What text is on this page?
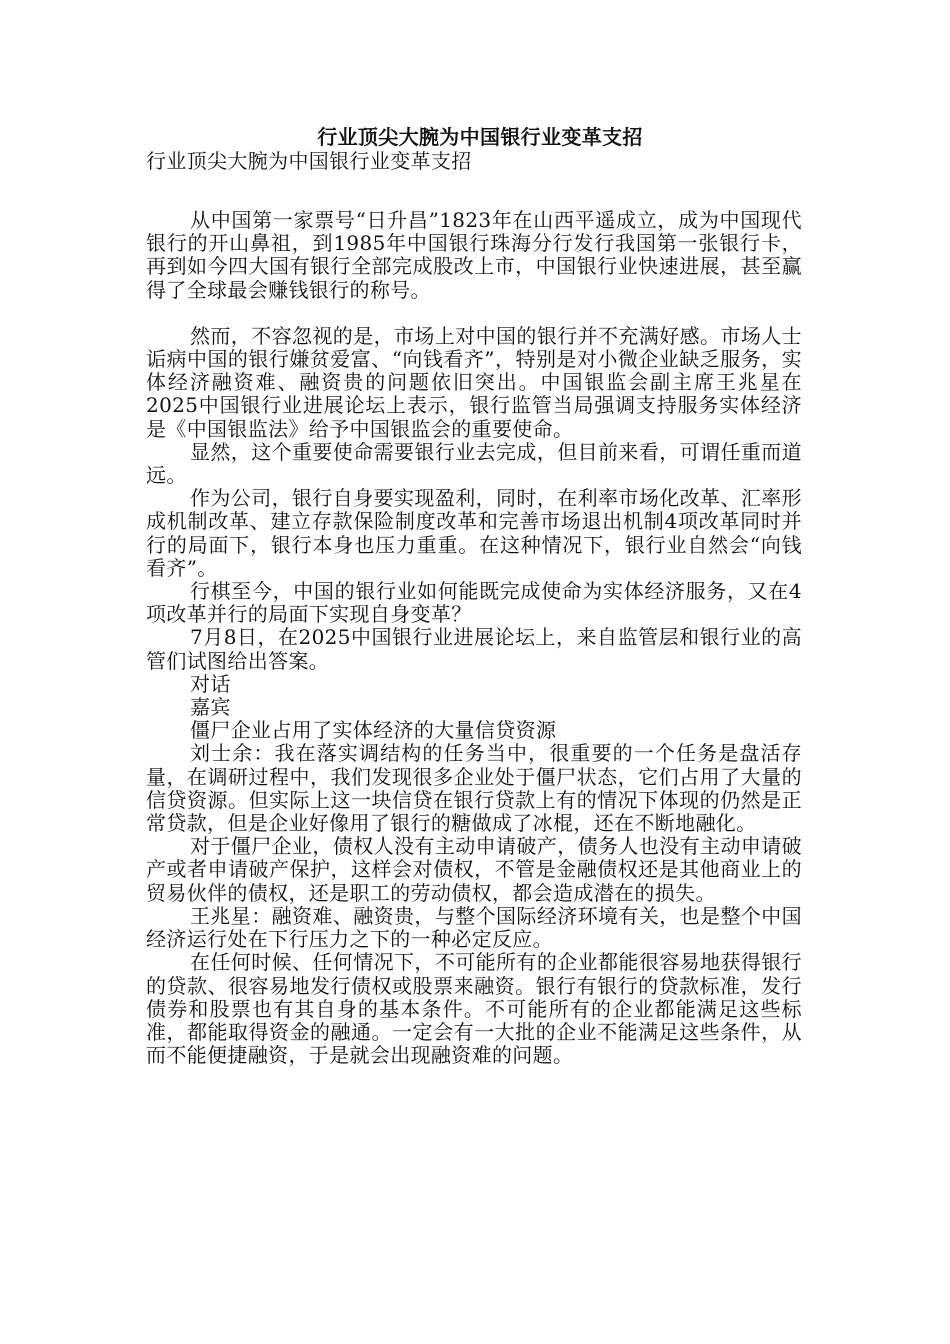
行业顶尖大腕为中国银行业变革支招

行业顶尖大腕为中国银行业变革支招

从中国第一家票号“日升昌”1823年在山西平遥成立，成为中国现代银行的开山鼻祖，到1985年中国银行珠海分行发行我国第一张银行卡，再到如今四大国有银行全部完成股改上市，中国银行业快速进展，甚至赢得了全球最会赚钱银行的称号。

然而，不容忽视的是，市场上对中国的银行并不充满好感。市场人士诟病中国的银行嫌贫爱富、“向钱看齐”，特别是对小微企业缺乏服务，实体经济融资难、融资贵的问题依旧突出。中国银监会副主席王兆星在2025中国银行业进展论坛上表示，银行监管当局强调支持服务实体经济是《中国银监法》给予中国银监会的重要使命。

显然，这个重要使命需要银行业去完成，但目前来看，可谓任重而道远。

作为公司，银行自身要实现盈利，同时，在利率市场化改革、汇率形成机制改革、建立存款保险制度改革和完善市场退出机制4项改革同时并行的局面下，银行本身也压力重重。在这种情况下，银行业自然会“向钱看齐”。

行棋至今，中国的银行业如何能既完成使命为实体经济服务，又在4项改革并行的局面下实现自身变革？

7月8日，在2025中国银行业进展论坛上，来自监管层和银行业的高管们试图给出答案。

对话

嘉宾

僵尸企业占用了实体经济的大量信贷资源

刘士余：我在落实调结构的任务当中，很重要的一个任务是盘活存量，在调研过程中，我们发现很多企业处于僵尸状态，它们占用了大量的信贷资源。但实际上这一块信贷在银行贷款上有的情况下体现的仍然是正常贷款，但是企业好像用了银行的糖做成了冰棍，还在不断地融化。

对于僵尸企业，债权人没有主动申请破产，债务人也没有主动申请破产或者申请破产保护，这样会对债权，不管是金融债权还是其他商业上的贸易伙伴的债权，还是职工的劳动债权，都会造成潜在的损失。

王兆星：融资难、融资贵，与整个国际经济环境有关，也是整个中国经济运行处在下行压力之下的一种必定反应。

在任何时候、任何情况下，不可能所有的企业都能很容易地获得银行的贷款、很容易地发行债权或股票来融资。银行有银行的贷款标准，发行债券和股票也有其自身的基本条件。不可能所有的企业都能满足这些标准，都能取得资金的融通。一定会有一大批的企业不能满足这些条件，从而不能便捷融资，于是就会出现融资难的问题。
